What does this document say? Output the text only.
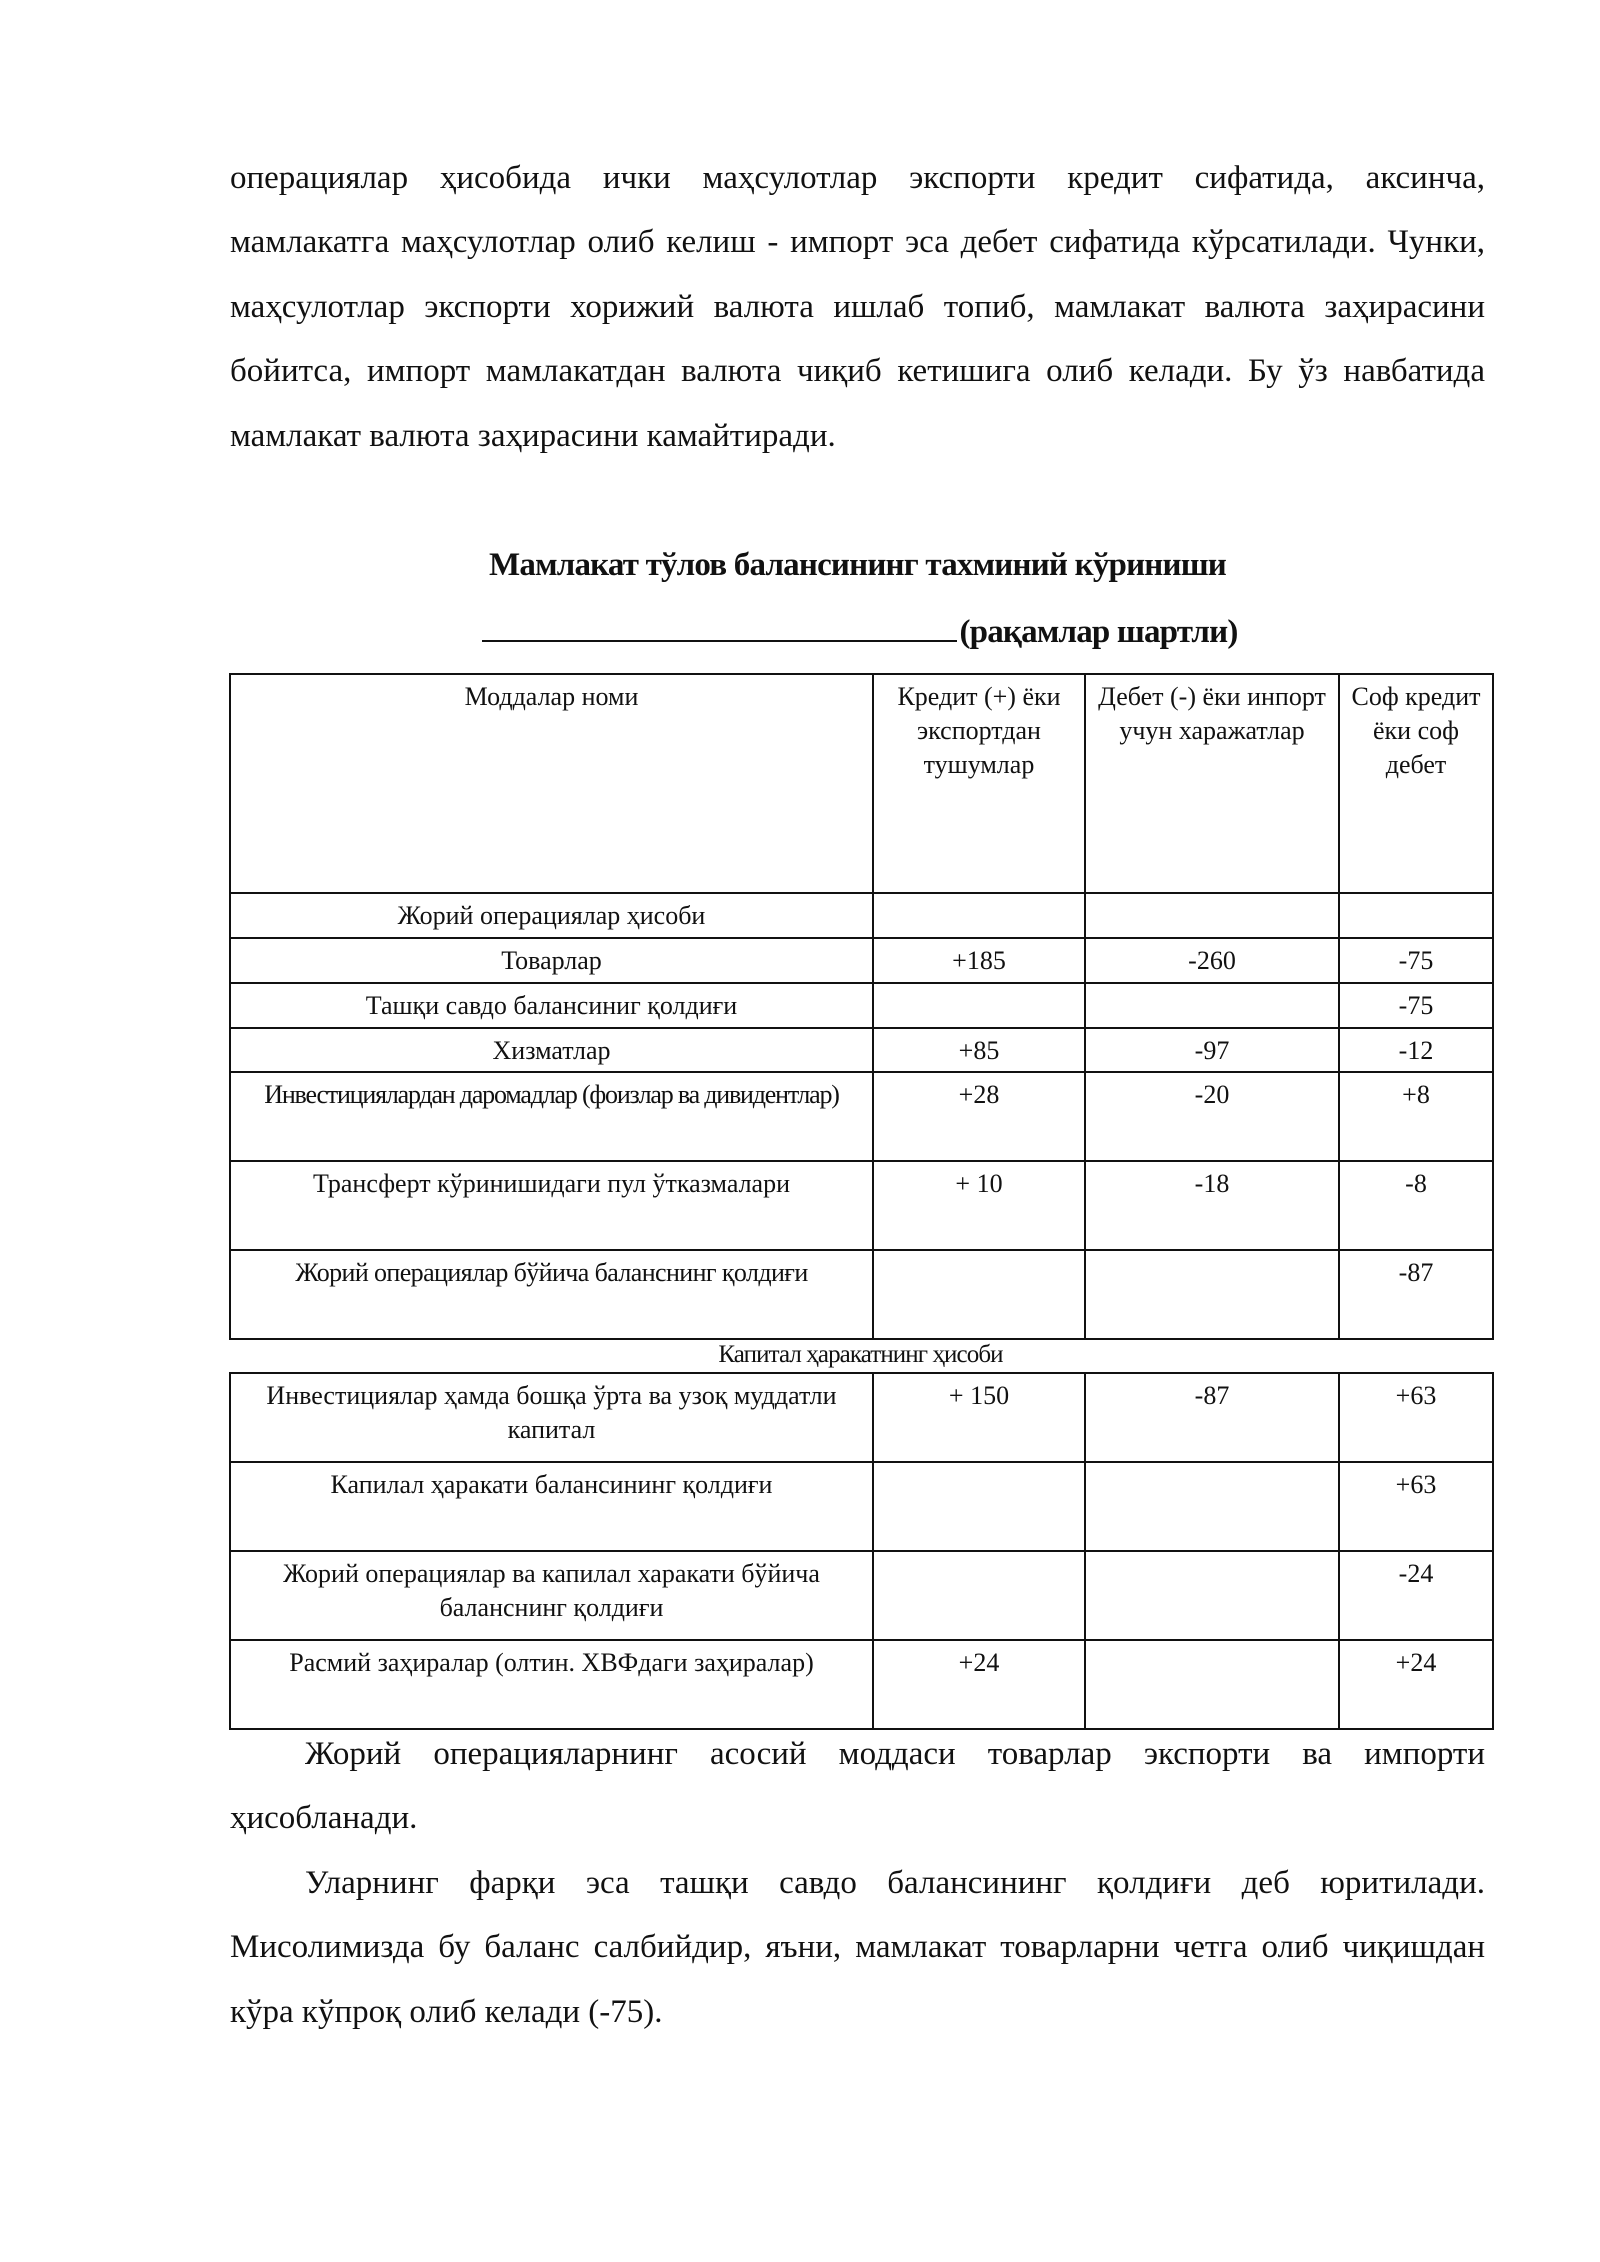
операциялар ҳисобида ички маҳсулотлар экспорти кредит сифатида, аксинча, мамлакатга маҳсулотлар олиб келиш - импорт эса дебет сифатида кўрсатилади. Чунки, маҳсулотлар экспорти хорижий валюта ишлаб топиб, мамлакат валюта заҳирасини бойитса, импорт мамлакатдан валюта чиқиб кетишига олиб келади. Бу ўз навбатида мамлакат валюта заҳирасини камайтиради.

Мамлакат тўлов балансининг тахминий кўриниши

(рақамлар шартли)

Моддалар номи	Кредит (+) ёки экспортдан тушумлар	Дебет (-) ёки инпорт учун харажатлар	Соф кредит ёки соф дебет
Жорий операциялар ҳисоби			
Товарлар	+185	-260	-75
Ташқи савдо балансиниг қолдиғи			-75
Хизматлар	+85	-97	-12
Инвестициялардан даромадлар (фоизлар ва дивидентлар)	+28	-20	+8
Трансферт кўринишидаги пул ўтказмалари	+ 10	-18	-8
Жорий операциялар бўйича баланснинг қолдиғи			-87
Капитал ҳаракатнинг ҳисоби
Инвестициялар ҳамда бошқа ўрта ва узоқ муддатли капитал	+ 150	-87	+63
Капилал ҳаракати балансининг қолдиғи			+63
Жорий операциялар ва капилал харакати бўйича баланснинг қолдиғи			-24
Расмий заҳиралар (олтин. ХВФдаги заҳиралар)	+24		+24

Жорий операцияларнинг асосий моддаси товарлар экспорти ва импорти ҳисобланади.

Уларнинг фарқи эса ташқи савдо балансининг қолдиғи деб юритилади. Мисолимизда бу баланс салбийдир, яъни, мамлакат товарларни четга олиб чиқишдан кўра кўпроқ олиб келади (-75).
